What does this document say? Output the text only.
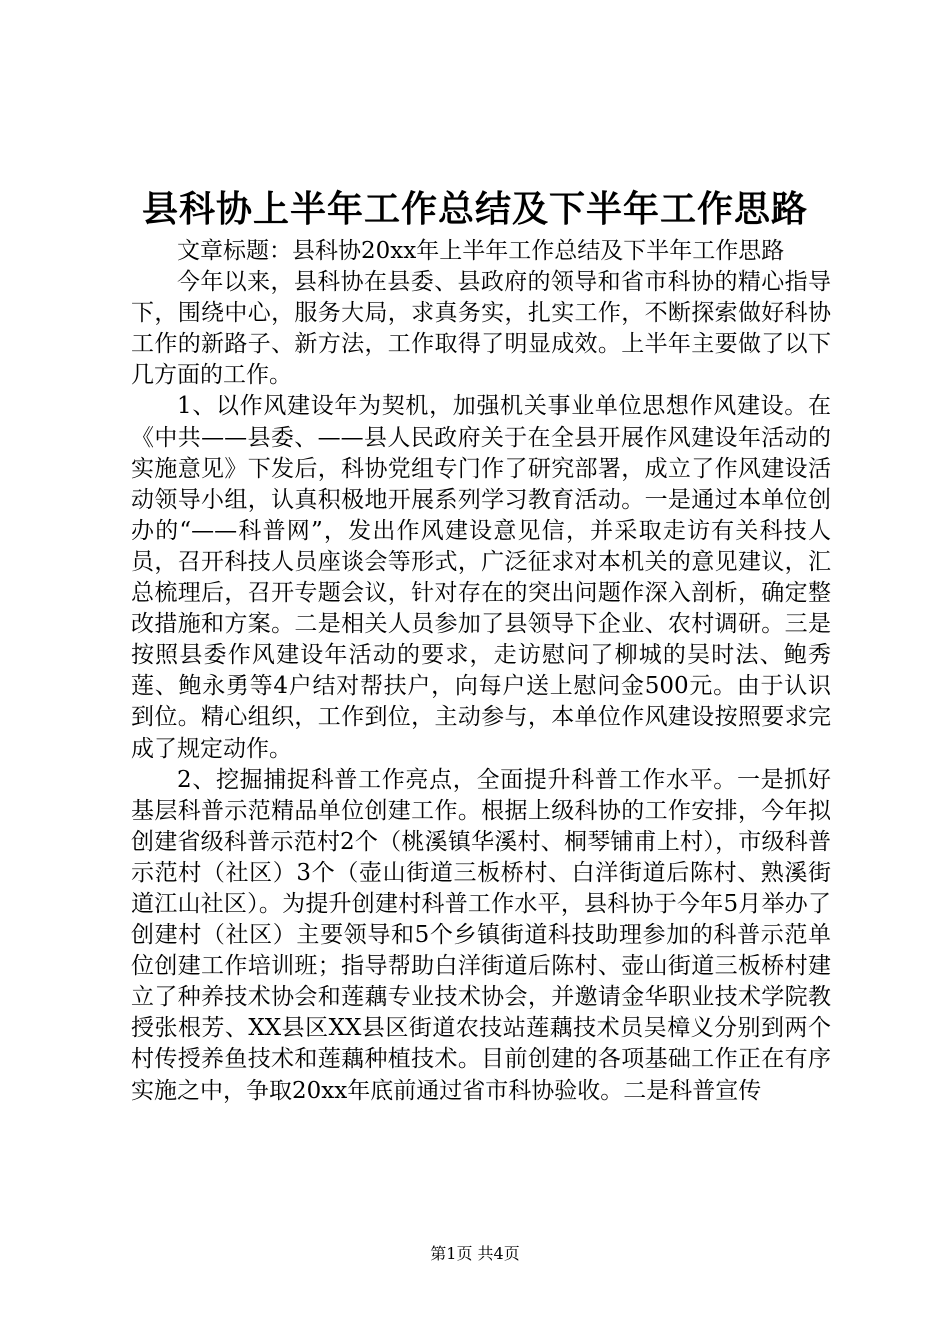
县科协上半年工作总结及下半年工作思路

文章标题：县科协20xx年上半年工作总结及下半年工作思路

今年以来，县科协在县委、县政府的领导和省市科协的精心指导下，围绕中心，服务大局，求真务实，扎实工作，不断探索做好科协工作的新路子、新方法，工作取得了明显成效。上半年主要做了以下几方面的工作。

1、以作风建设年为契机，加强机关事业单位思想作风建设。在《中共——县委、——县人民政府关于在全县开展作风建设年活动的实施意见》下发后，科协党组专门作了研究部署，成立了作风建设活动领导小组，认真积极地开展系列学习教育活动。一是通过本单位创办的“——科普网”，发出作风建设意见信，并采取走访有关科技人员，召开科技人员座谈会等形式，广泛征求对本机关的意见建议，汇总梳理后，召开专题会议，针对存在的突出问题作深入剖析，确定整改措施和方案。二是相关人员参加了县领导下企业、农村调研。三是按照县委作风建设年活动的要求，走访慰问了柳城的吴时法、鲍秀莲、鲍永勇等4户结对帮扶户，向每户送上慰问金500元。由于认识到位。精心组织，工作到位，主动参与，本单位作风建设按照要求完成了规定动作。

2、挖掘捕捉科普工作亮点，全面提升科普工作水平。一是抓好基层科普示范精品单位创建工作。根据上级科协的工作安排，今年拟创建省级科普示范村2个（桃溪镇华溪村、桐琴铺甫上村），市级科普示范村（社区）3个（壶山街道三板桥村、白洋街道后陈村、熟溪街道江山社区）。为提升创建村科普工作水平，县科协于今年5月举办了创建村（社区）主要领导和5个乡镇街道科技助理参加的科普示范单位创建工作培训班；指导帮助白洋街道后陈村、壶山街道三板桥村建立了种养技术协会和莲藕专业技术协会，并邀请金华职业技术学院教授张根芳、XX县区XX县区街道农技站莲藕技术员吴樟义分别到两个村传授养鱼技术和莲藕种植技术。目前创建的各项基础工作正在有序实施之中，争取20xx年底前通过省市科协验收。二是科普宣传

第1页 共4页
